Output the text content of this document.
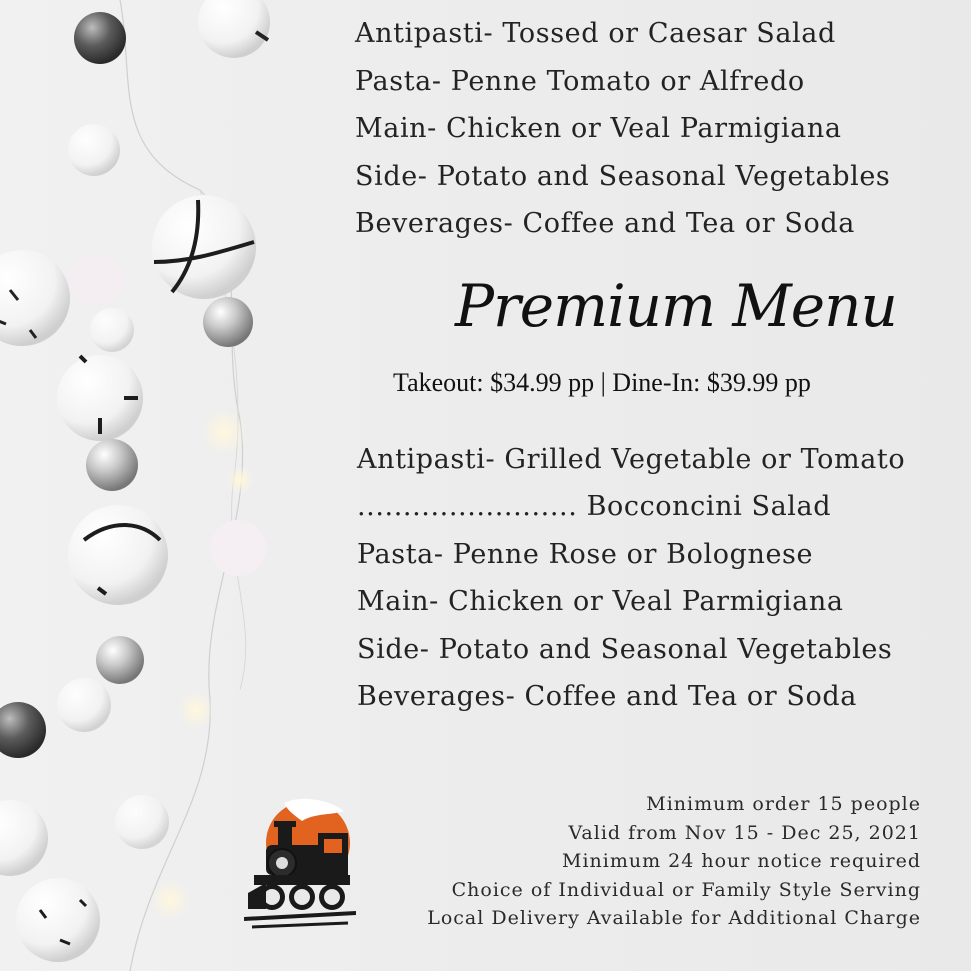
Antipasti- Tossed or Caesar Salad
Pasta- Penne Tomato or Alfredo
Main- Chicken or Veal Parmigiana
Side- Potato and Seasonal Vegetables
Beverages- Coffee and Tea or Soda
Premium Menu
Takeout: $34.99 pp | Dine-In: $39.99 pp
Antipasti- Grilled Vegetable or Tomato
........................ Bocconcini Salad
Pasta- Penne Rose or Bolognese
Main- Chicken or Veal Parmigiana
Side- Potato and Seasonal Vegetables
Beverages- Coffee and Tea or Soda
Minimum order 15 people
Valid from Nov 15 - Dec 25, 2021
Minimum 24 hour notice required
Choice of Individual or Family Style Serving
Local Delivery Available for Additional Charge
